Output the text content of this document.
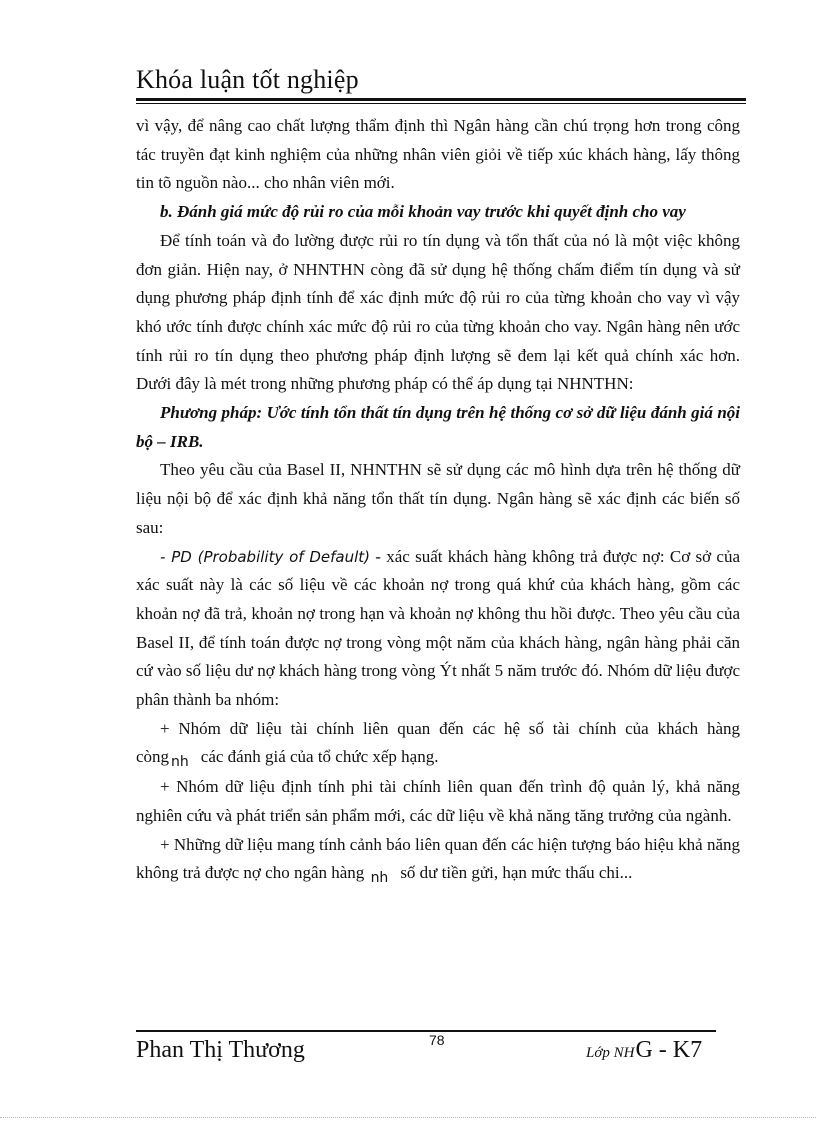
Khóa luận tốt nghiệp

vì vậy, để nâng cao chất lượng thẩm định thì Ngân hàng cần chú trọng hơn trong công tác truyền đạt kinh nghiệm của những nhân viên giỏi về tiếp xúc khách hàng, lấy thông tin tõ nguồn nào... cho nhân viên mới.

b. Đánh giá mức độ rủi ro của mỗi khoản vay trước khi quyết định cho vay

Để tính toán và đo lường được rủi ro tín dụng và tổn thất của nó là một việc không đơn giản. Hiện nay, ở NHNTHN còng đã sử dụng hệ thống chấm điểm tín dụng và sử dụng phương pháp định tính để xác định mức độ rủi ro của từng khoản cho vay vì vậy khó ước tính được chính xác mức độ rủi ro của từng khoản cho vay. Ngân hàng nên ước tính rủi ro tín dụng theo phương pháp định lượng sẽ đem lại kết quả chính xác hơn. Dưới đây là mét trong những phương pháp có thể áp dụng tại NHNTHN:

Phương pháp: Ước tính tổn thất tín dụng trên hệ thống cơ sở dữ liệu đánh giá nội bộ – IRB.

Theo yêu cầu của Basel II, NHNTHN sẽ sử dụng các mô hình dựa trên hệ thống dữ liệu nội bộ để xác định khả năng tổn thất tín dụng. Ngân hàng sẽ xác định các biến số sau:

- PD (Probability of Default) - xác suất khách hàng không trả được nợ: Cơ sở của xác suất này là các số liệu về các khoản nợ trong quá khứ của khách hàng, gồm các khoản nợ đã trả, khoản nợ trong hạn và khoản nợ không thu hồi được. Theo yêu cầu của Basel II, để tính toán được nợ trong vòng một năm của khách hàng, ngân hàng phải căn cứ vào số liệu dư nợ khách hàng trong vòng Ýt nhất 5 năm trước đó. Nhóm dữ liệu được phân thành ba nhóm:

+ Nhóm dữ liệu tài chính liên quan đến các hệ số tài chính của khách hàng còng $_{nh}$ các đánh giá của tổ chức xếp hạng.

+ Nhóm dữ liệu định tính phi tài chính liên quan đến trình độ quản lý, khả năng nghiên cứu và phát triển sản phẩm mới, các dữ liệu về khả năng tăng trưởng của ngành.

+ Những dữ liệu mang tính cảnh báo liên quan đến các hiện tượng báo hiệu khả năng không trả được nợ cho ngân hàng $_{nh}$ số dư tiền gửi, hạn mức thấu chi...

Phan Thị Thương	78
Lớp NHG - K7
